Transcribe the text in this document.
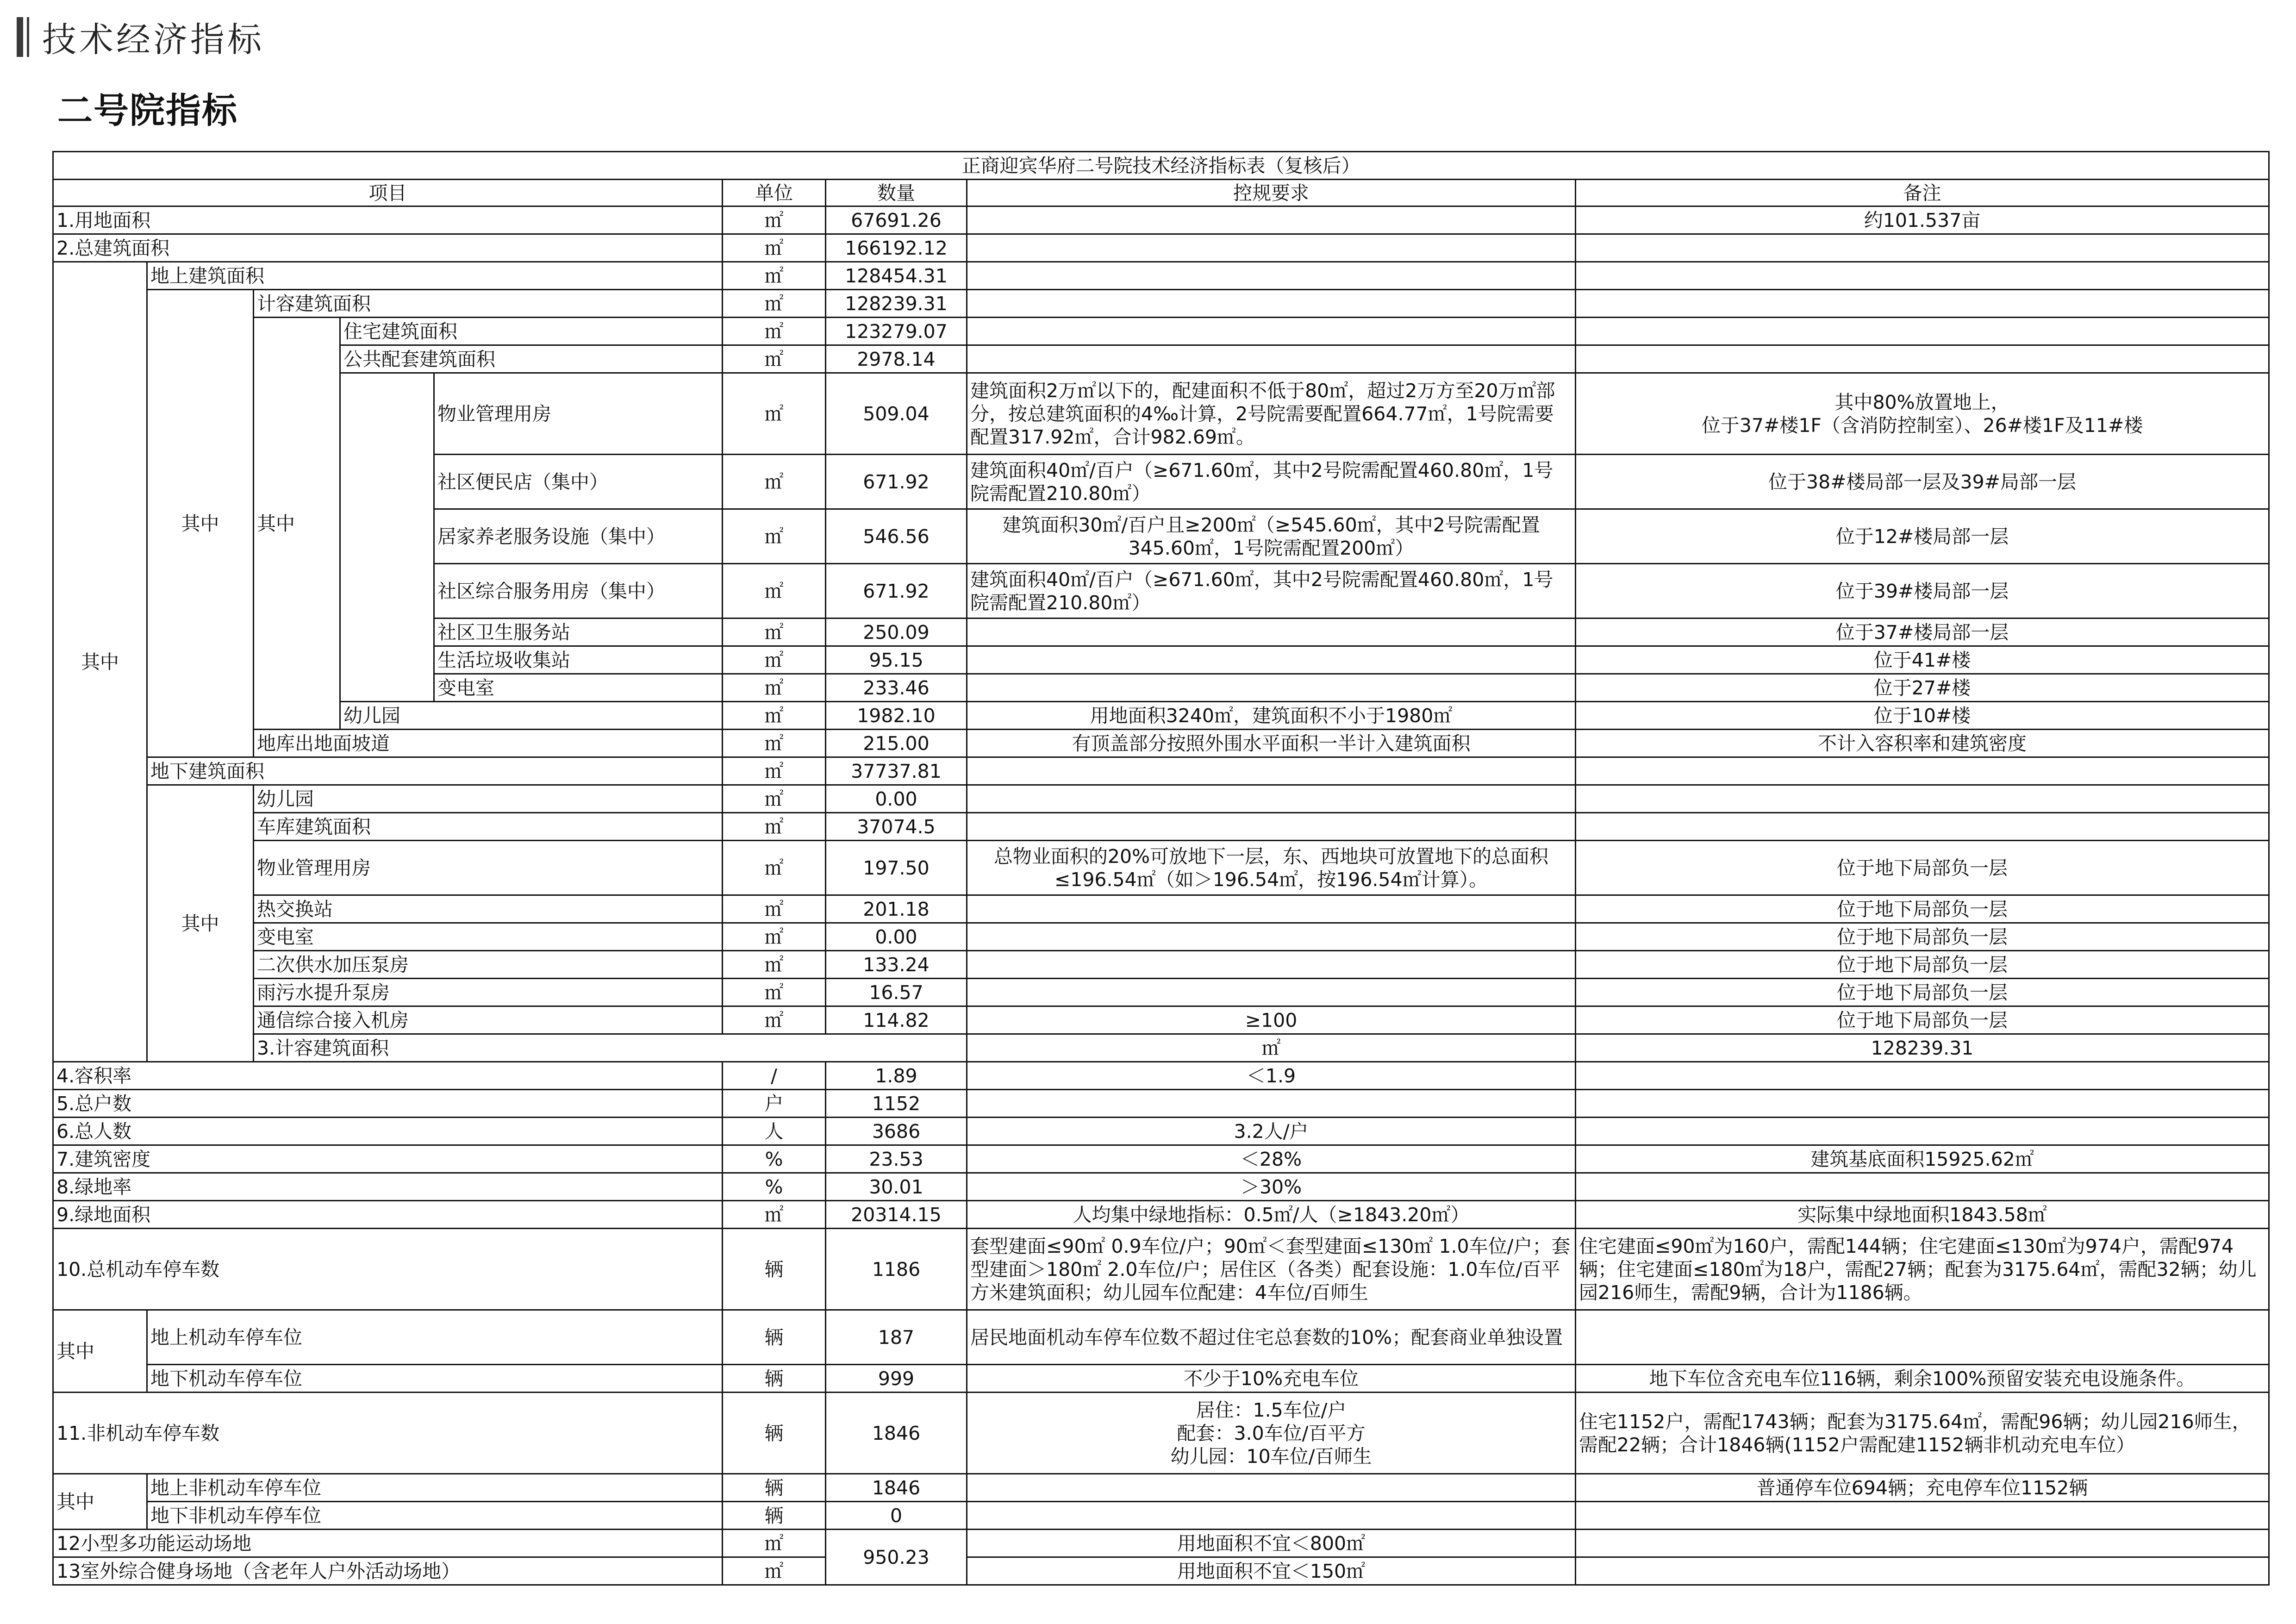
技术经济指标
二号院指标
正商迎宾华府二号院技术经济指标表（复核后）									
项目					单位	数量	控规要求	备注	
1.用地面积					㎡	67691.26		约101.537亩	
2.总建筑面积					㎡	166192.12			
其中	地上建筑面积				㎡	128454.31			
	其中	计容建筑面积			㎡	128239.31			
		其中	住宅建筑面积		㎡	123279.07			
			公共配套建筑面积		㎡	2978.14			
				物业管理用房	㎡	509.04	建筑面积2万㎡以下的，配建面积不低于80㎡，超过2万方至20万㎡部分，按总建筑面积的4‰计算，2号院需要配置664.77㎡，1号院需要配置317.92㎡，合计982.69㎡。	其中80%放置地上，
位于37#楼1F（含消防控制室）、26#楼1F及11#楼	

				社区便民店（集中）	㎡	671.92	建筑面积40㎡/百户（≥671.60㎡，其中2号院需配置460.80㎡，1号院需配置210.80㎡）	位于38#楼局部一层及39#局部一层	
				居家养老服务设施（集中）	㎡	546.56	建筑面积30㎡/百户且≥200㎡（≥545.60㎡，其中2号院需配置345.60㎡，1号院需配置200㎡）	位于12#楼局部一层	
				社区综合服务用房（集中）	㎡	671.92	建筑面积40㎡/百户（≥671.60㎡，其中2号院需配置460.80㎡，1号院需配置210.80㎡）	位于39#楼局部一层	
				社区卫生服务站	㎡	250.09		位于37#楼局部一层	
				生活垃圾收集站	㎡	95.15		位于41#楼	
				变电室	㎡	233.46		位于27#楼	
			幼儿园		㎡	1982.10	用地面积3240㎡，建筑面积不小于1980㎡	位于10#楼	
		地库出地面坡道			㎡	215.00	有顶盖部分按照外围水平面积一半计入建筑面积	不计入容积率和建筑密度	
	地下建筑面积				㎡	37737.81			
	其中	幼儿园			㎡	0.00			
		车库建筑面积			㎡	37074.5			
		物业管理用房			㎡	197.50	总物业面积的20%可放地下一层，东、西地块可放置地下的总面积≤196.54㎡（如＞196.54㎡，按196.54㎡计算）。	位于地下局部负一层	
		热交换站			㎡	201.18		位于地下局部负一层	
		变电室			㎡	0.00		位于地下局部负一层	
		二次供水加压泵房			㎡	133.24		位于地下局部负一层	
		雨污水提升泵房			㎡	16.57		位于地下局部负一层	
		通信综合接入机房			㎡	114.82	≥100	位于地下局部负一层	
		3.计容建筑面积					㎡	128239.31		
4.容积率					/	1.89	＜1.9		
5.总户数					户	1152			
6.总人数					人	3686	3.2人/户		
7.建筑密度					%	23.53	＜28%	建筑基底面积15925.62㎡	
8.绿地率					%	30.01	＞30%		
9.绿地面积					㎡	20314.15	人均集中绿地指标：0.5㎡/人（≥1843.20㎡）	实际集中绿地面积1843.58㎡	
10.总机动车停车数					辆	1186	套型建面≤90㎡ 0.9车位/户；90㎡＜套型建面≤130㎡ 1.0车位/户；套型建面＞180㎡ 2.0车位/户；居住区（各类）配套设施：1.0车位/百平方米建筑面积；幼儿园车位配建：4车位/百师生	住宅建面≤90㎡为160户，需配144辆；住宅建面≤130㎡为974户，需配974辆；住宅建面≤180㎡为18户，需配27辆；配套为3175.64㎡，需配32辆；幼儿园216师生，需配9辆，合计为1186辆。	
其中	地上机动车停车位				辆	187	居民地面机动车停车位数不超过住宅总套数的10%；配套商业单独设置		
	地下机动车停车位				辆	999	不少于10%充电车位	地下车位含充电车位116辆，剩余100%预留安装充电设施条件。	
11.非机动车停车数					辆	1846	居住：1.5车位/户
配套：3.0车位/百平方
幼儿园：10车位/百师生	住宅1152户，需配1743辆；配套为3175.64㎡，需配96辆；幼儿园216师生，需配22辆；合计1846辆(1152户需配建1152辆非机动充电车位）	
其中	地上非机动车停车位				辆	1846		普通停车位694辆；充电停车位1152辆	
	地下非机动车停车位				辆	0			
12小型多功能运动场地					㎡	950.23	用地面积不宜＜800㎡		
13室外综合健身场地（含老年人户外活动场地）					㎡		用地面积不宜＜150㎡		
